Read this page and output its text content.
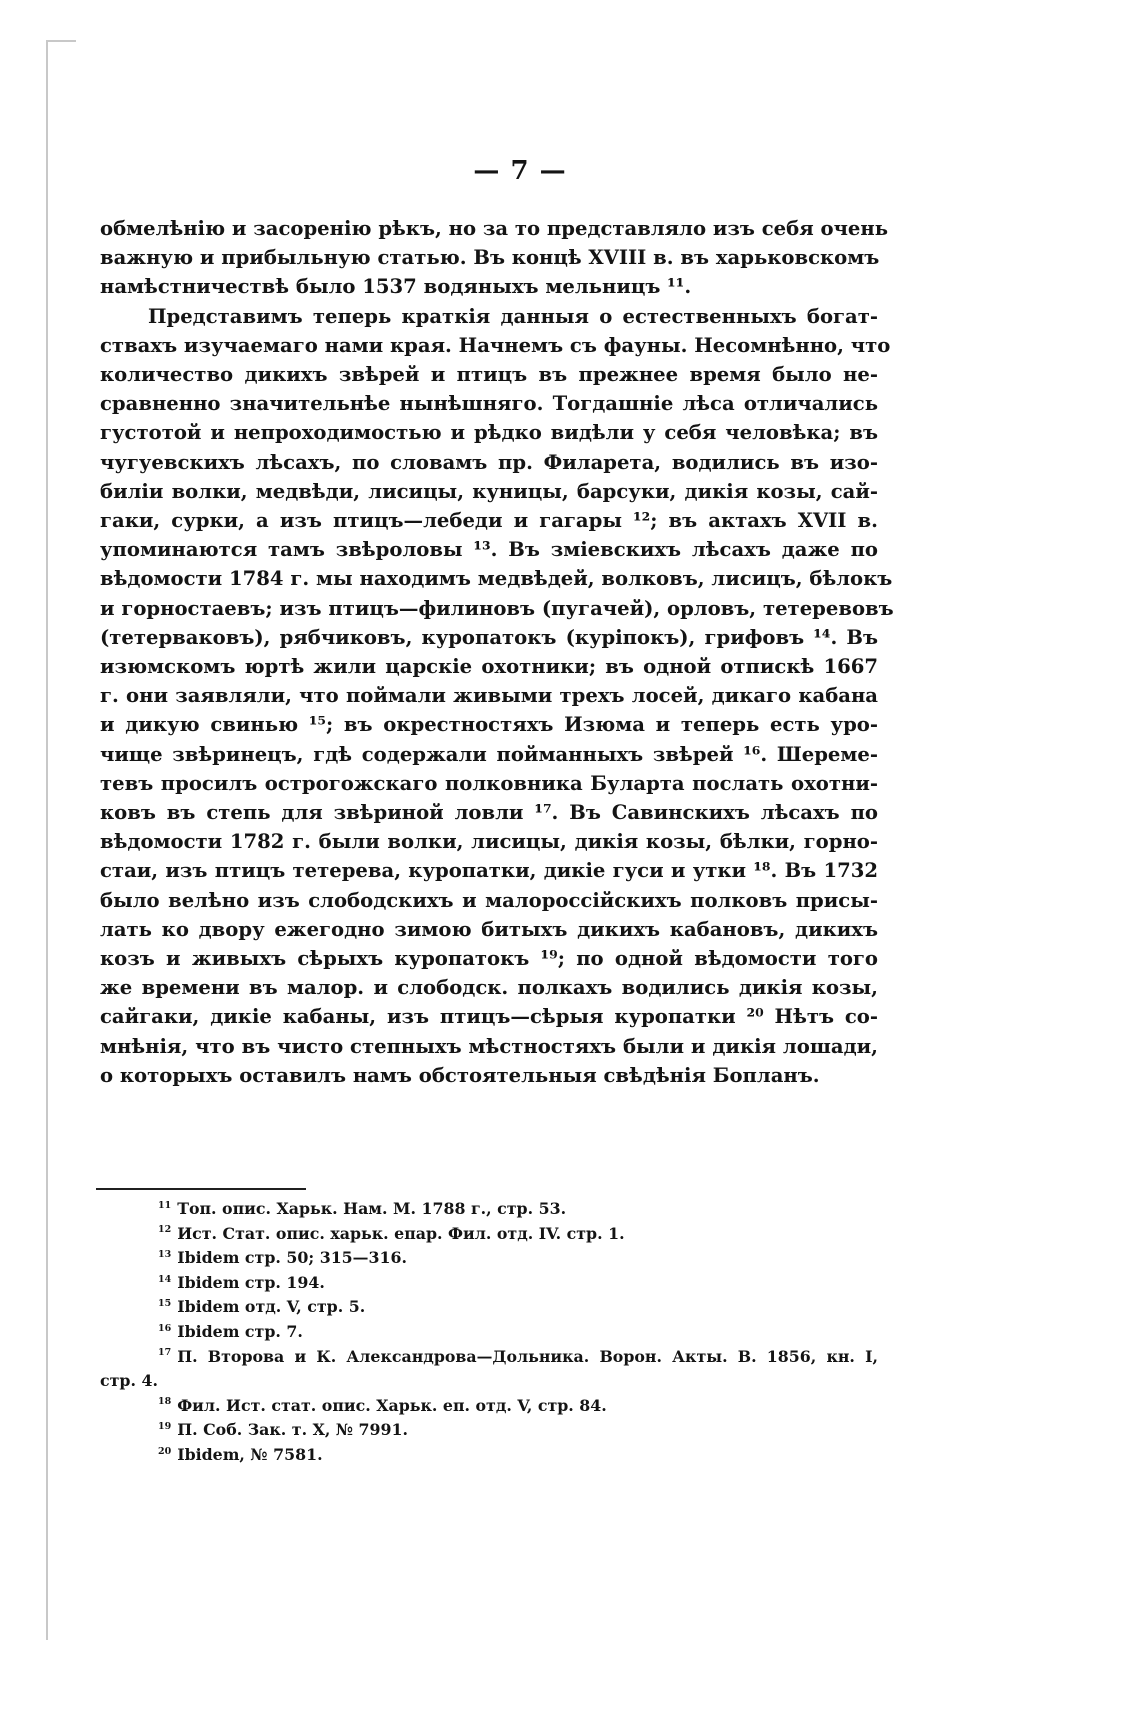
— 7 —
обмелѣнію и засоренію рѣкъ, но за то представляло изъ себя очень
важную и прибыльную статью. Въ концѣ XVIII в. въ харьковскомъ
намѣстничествѣ было 1537 водяныхъ мельницъ ¹¹.
Представимъ теперь краткія данныя о естественныхъ богат-
ствахъ изучаемаго нами края. Начнемъ съ фауны. Несомнѣнно, что
количество дикихъ звѣрей и птицъ въ прежнее время было не-
сравненно значительнѣе нынѣшняго. Тогдашніе лѣса отличались
густотой и непроходимостью и рѣдко видѣли у себя человѣка; въ
чугуевскихъ лѣсахъ, по словамъ пр. Филарета, водились въ изо-
биліи волки, медвѣди, лисицы, куницы, барсуки, дикія козы, сай-
гаки, сурки, а изъ птицъ—лебеди и гагары ¹²; въ актахъ XVII в.
упоминаются тамъ звѣроловы ¹³. Въ зміевскихъ лѣсахъ даже по
вѣдомости 1784 г. мы находимъ медвѣдей, волковъ, лисицъ, бѣлокъ
и горностаевъ; изъ птицъ—филиновъ (пугачей), орловъ, тетеревовъ
(тетерваковъ), рябчиковъ, куропатокъ (куріпокъ), грифовъ ¹⁴. Въ
изюмскомъ юртѣ жили царскіе охотники; въ одной отпискѣ 1667
г. они заявляли, что поймали живыми трехъ лосей, дикаго кабана
и дикую свинью ¹⁵; въ окрестностяхъ Изюма и теперь есть уро-
чище звѣринецъ, гдѣ содержали пойманныхъ звѣрей ¹⁶. Шереме-
тевъ просилъ острогожскаго полковника Буларта послать охотни-
ковъ въ степь для звѣриной ловли ¹⁷. Въ Савинскихъ лѣсахъ по
вѣдомости 1782 г. были волки, лисицы, дикія козы, бѣлки, горно-
стаи, изъ птицъ тетерева, куропатки, дикіе гуси и утки ¹⁸. Въ 1732
было велѣно изъ слободскихъ и малороссійскихъ полковъ присы-
лать ко двору ежегодно зимою битыхъ дикихъ кабановъ, дикихъ
козъ и живыхъ сѣрыхъ куропатокъ ¹⁹; по одной вѣдомости того
же времени въ малор. и слободск. полкахъ водились дикія козы,
сайгаки, дикіе кабаны, изъ птицъ—сѣрыя куропатки ²⁰ Нѣтъ со-
мнѣнія, что въ чисто степныхъ мѣстностяхъ были и дикія лошади,
о которыхъ оставилъ намъ обстоятельныя свѣдѣнія Бопланъ.
$^{11}$ Топ. опис. Харьк. Нам. М. 1788 г., стр. 53.
$^{12}$ Ист. Стат. опис. харьк. епар. Фил. отд. IV. стр. 1.
$^{13}$ Ibidem стр. 50; 315—316.
$^{14}$ Ibidem стр. 194.
$^{15}$ Ibidem отд. V, стр. 5.
$^{16}$ Ibidem стр. 7.
$^{17}$ П. Второва и К. Александрова—Дольника. Ворон. Акты. В. 1856, кн. I,
стр. 4.
$^{18}$ Фил. Ист. стат. опис. Харьк. еп. отд. V, стр. 84.
$^{19}$ П. Соб. Зак. т. X, № 7991.
$^{20}$ Ibidem, № 7581.
